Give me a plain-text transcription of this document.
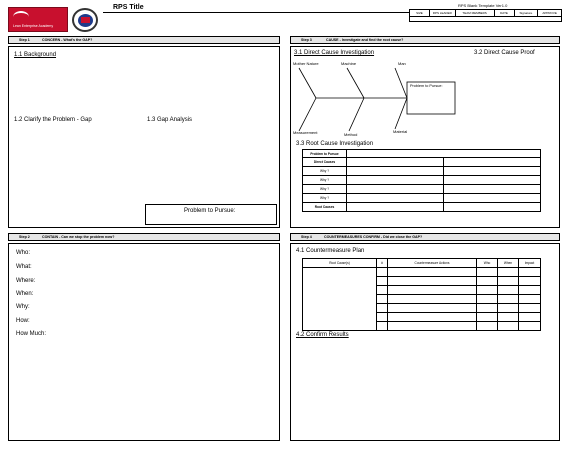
Lean Enterprise Academy
RPS Title	RPS Blank Template Ver1.0
SIZE	RPS LEADER	TEAM MEMBERS	DATE	Signature	APPROVE
Step 1	CONCERN - What's the GAP?
1.1 Background
1.2 Clarify the Problem - Gap	1.3 Gap Analysis
Problem to Pursue:
Step 2	CONTAIN - Can we stop the problem now?
Who:
What:
Where:
When:
Why:
How:
How Much:
Step 3	CAUSE - Investigate and find the root cause?
3.1 Direct Cause Investigation	3.2 Direct Cause Proof
Mother Nature	Machine	Man
Measurement	Method
Material
Problem to Pursue:
3.3 Root Cause Investigation
Problem to Pursue		
Direct Causes		
Why ?		
Why ?		
Why ?		
Why ?		
Root Causes		
Step 4	COUNTERMEASURES CONFIRM - Did we close the GAP?
4.1 Countermeasure Plan
Root Cause(s)	#	Countermeasure Actions	Who	When	Impact

4.2 Confirm Results
